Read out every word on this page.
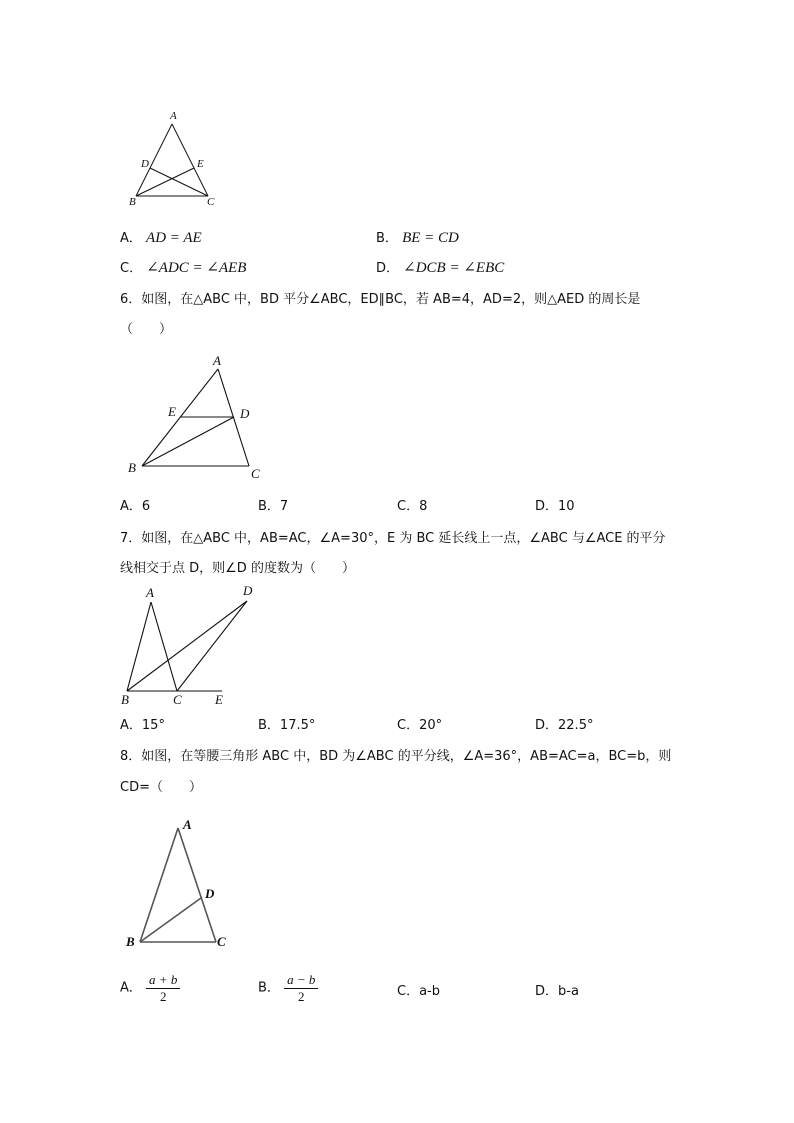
A
D	E
B	C
A． AD = AE	B． BE = CD
C． ∠ADC = ∠AEB	D． ∠DCB = ∠EBC
6．如图，在△ABC 中，BD 平分∠ABC，ED∥BC，若 AB=4，AD=2，则△AED 的周长是
（　　）
A
E	D
B	C
A．6	B．7	C．8	D．10
7．如图，在△ABC 中，AB=AC，∠A=30°，E 为 BC 延长线上一点，∠ABC 与∠ACE 的平分
线相交于点 D，则∠D 的度数为（　　）
A	D
B	C	E
A．15°	B．17.5°	C．20°	D．22.5°
8．如图，在等腰三角形 ABC 中，BD 为∠ABC 的平分线，∠A=36°，AB=AC=a，BC=b，则
CD=（　　）
A
D
B	C
A． $\frac{a + b}{2}$	B． $\frac{a - b}{2}$	C．a-b	D．b-a
